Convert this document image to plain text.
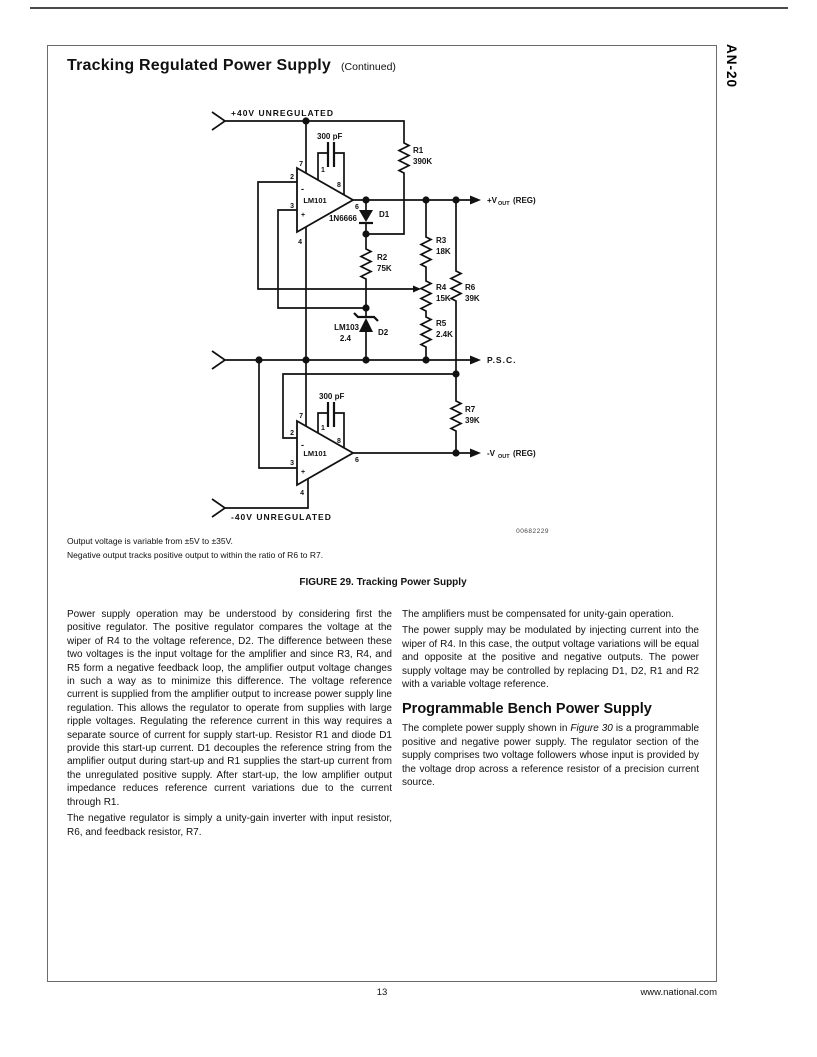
AN-20
Tracking Regulated Power Supply (Continued)
+40V UNREGULATED
300 pF
R1
390K
7
2
-
3
+
1
8
LM101
6
4
1N6666	D1
+V OUT (REG)
R2
75K
R3
18K
R4
15K
R6
39K
R5
2.4K
LM103
2.4
D2
P.S.C.
300 pF
R7
39K
7
2
-
1
8
3
+
LM101
6
4
-V OUT (REG)
-40V UNREGULATED
00682229
Output voltage is variable from ±5V to ±35V.
Negative output tracks positive output to within the ratio of R6 to R7.
FIGURE 29. Tracking Power Supply

Power supply operation may be understood by considering first the positive regulator. The positive regulator compares the voltage at the wiper of R4 to the voltage reference, D2. The difference between these two voltages is the input voltage for the amplifier and since R3, R4, and R5 form a negative feedback loop, the amplifier output voltage changes in such a way as to minimize this difference. The voltage reference current is supplied from the amplifier output to increase power supply line regulation. This allows the regulator to operate from supplies with large ripple voltages. Regulating the reference current in this way requires a separate source of current for supply start-up. Resistor R1 and diode D1 provide this start-up current. D1 decouples the reference string from the amplifier output during start-up and R1 supplies the start-up current from the unregulated positive supply. After start-up, the low amplifier output impedance reduces reference current variations due to the current through R1.

The negative regulator is simply a unity-gain inverter with input resistor, R6, and feedback resistor, R7.

The amplifiers must be compensated for unity-gain operation.

The power supply may be modulated by injecting current into the wiper of R4. In this case, the output voltage variations will be equal and opposite at the positive and negative outputs. The power supply voltage may be controlled by replacing D1, D2, R1 and R2 with a variable voltage reference.

Programmable Bench Power Supply

The complete power supply shown in Figure 30 is a programmable positive and negative power supply. The regulator section of the supply comprises two voltage followers whose input is provided by the voltage drop across a reference resistor of a precision current source.

13	www.national.com
